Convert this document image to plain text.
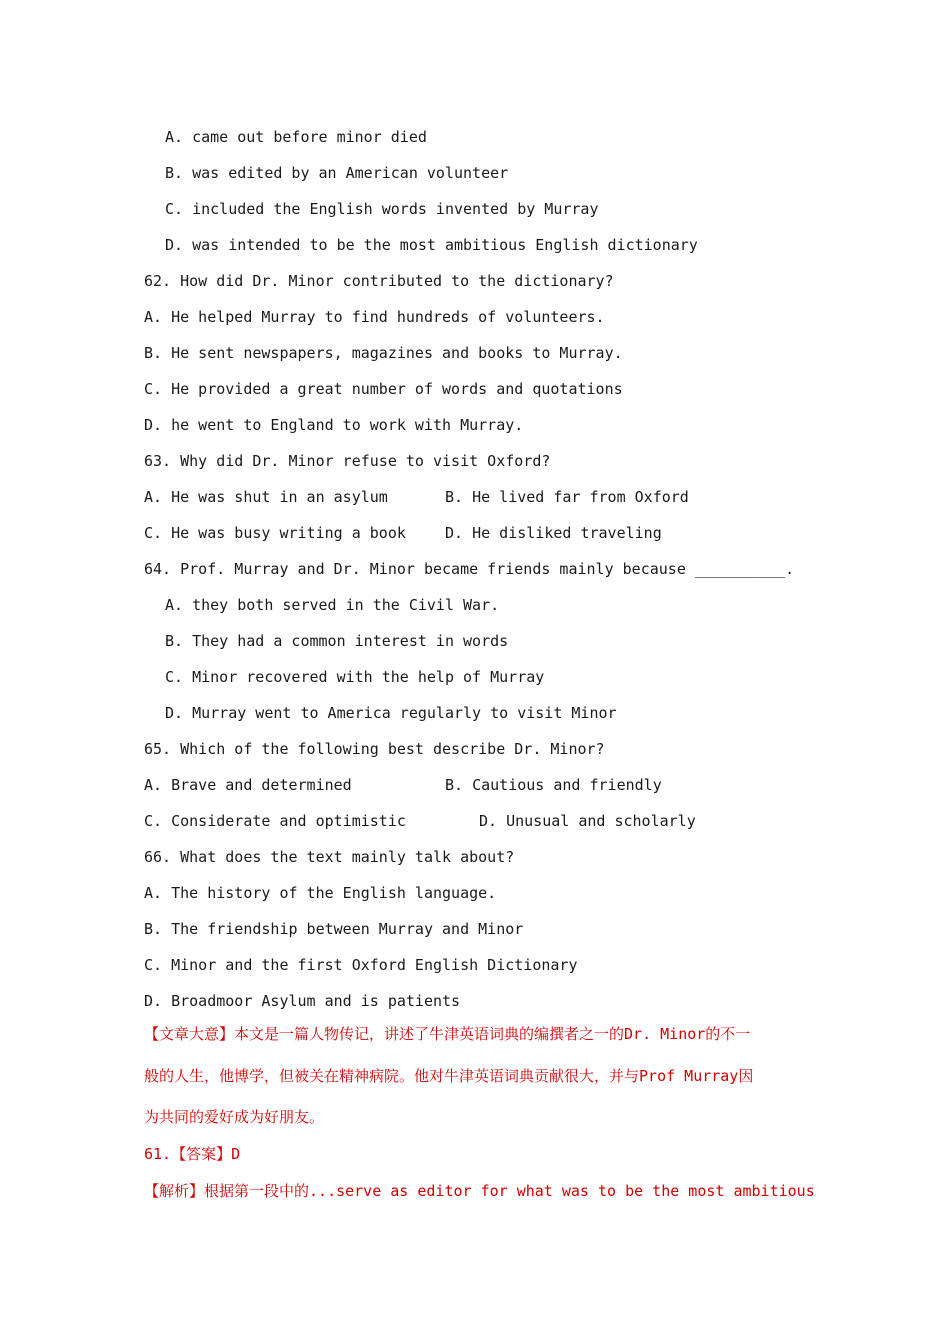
A. came out before minor died
B. was edited by an American volunteer
C. included the English words invented by Murray
D. was intended to be the most ambitious English dictionary
62. How did Dr. Minor contributed to the dictionary?
A. He helped Murray to find hundreds of volunteers.
B. He sent newspapers, magazines and books to Murray.
C. He provided a great number of words and quotations
D. he went to England to work with Murray.
63. Why did Dr. Minor refuse to visit Oxford?
A. He was shut in an asylum	B. He lived far from Oxford
C. He was busy writing a book	D. He disliked traveling
64. Prof. Murray and Dr. Minor became friends mainly because __________.
A. they both served in the Civil War.
B. They had a common interest in words
C. Minor recovered with the help of Murray
D. Murray went to America regularly to visit Minor
65. Which of the following best describe Dr. Minor?
A. Brave and determined	B. Cautious and friendly
C. Considerate and optimistic	D. Unusual and scholarly
66. What does the text mainly talk about?
A. The history of the English language.
B. The friendship between Murray and Minor
C. Minor and the first Oxford English Dictionary
D. Broadmoor Asylum and is patients
【文章大意】本文是一篇人物传记，讲述了牛津英语词典的编撰者之一的Dr. Minor的不一
般的人生，他博学，但被关在精神病院。他对牛津英语词典贡献很大，并与Prof Murray因
为共同的爱好成为好朋友。
61.【答案】D
【解析】根据第一段中的...serve as editor for what was to be the most ambitious
